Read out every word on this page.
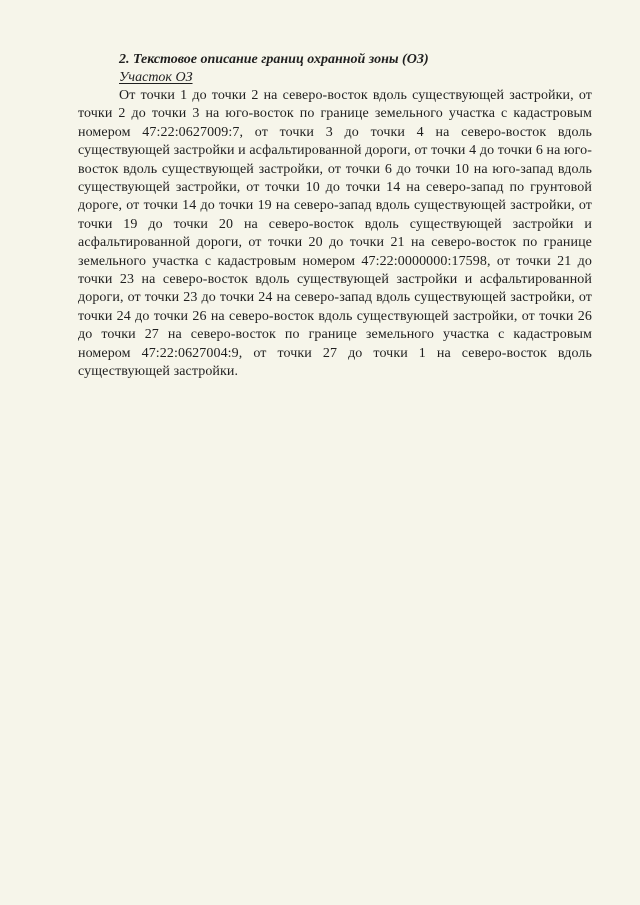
2. Текстовое описание границ охранной зоны (ОЗ)
Участок ОЗ

От точки 1 до точки 2 на северо-восток вдоль существующей застройки, от точки 2 до точки 3 на юго-восток по границе земельного участка с кадастровым номером 47:22:0627009:7, от точки 3 до точки 4 на северо-восток вдоль существующей застройки и асфальтированной дороги, от точки 4 до точки 6 на юго-восток вдоль существующей застройки, от точки 6 до точки 10 на юго-запад вдоль существующей застройки, от точки 10 до точки 14 на северо-запад по грунтовой дороге, от точки 14 до точки 19 на северо-запад вдоль существующей застройки, от точки 19 до точки 20 на северо-восток вдоль существующей застройки и асфальтированной дороги, от точки 20 до точки 21 на северо-восток по границе земельного участка с кадастровым номером 47:22:0000000:17598, от точки 21 до точки 23 на северо-восток вдоль существующей застройки и асфальтированной дороги, от точки 23 до точки 24 на северо-запад вдоль существующей застройки, от точки 24 до точки 26 на северо-восток вдоль существующей застройки, от точки 26 до точки 27 на северо-восток по границе земельного участка с кадастровым номером 47:22:0627004:9, от точки 27 до точки 1 на северо-восток вдоль существующей застройки.
